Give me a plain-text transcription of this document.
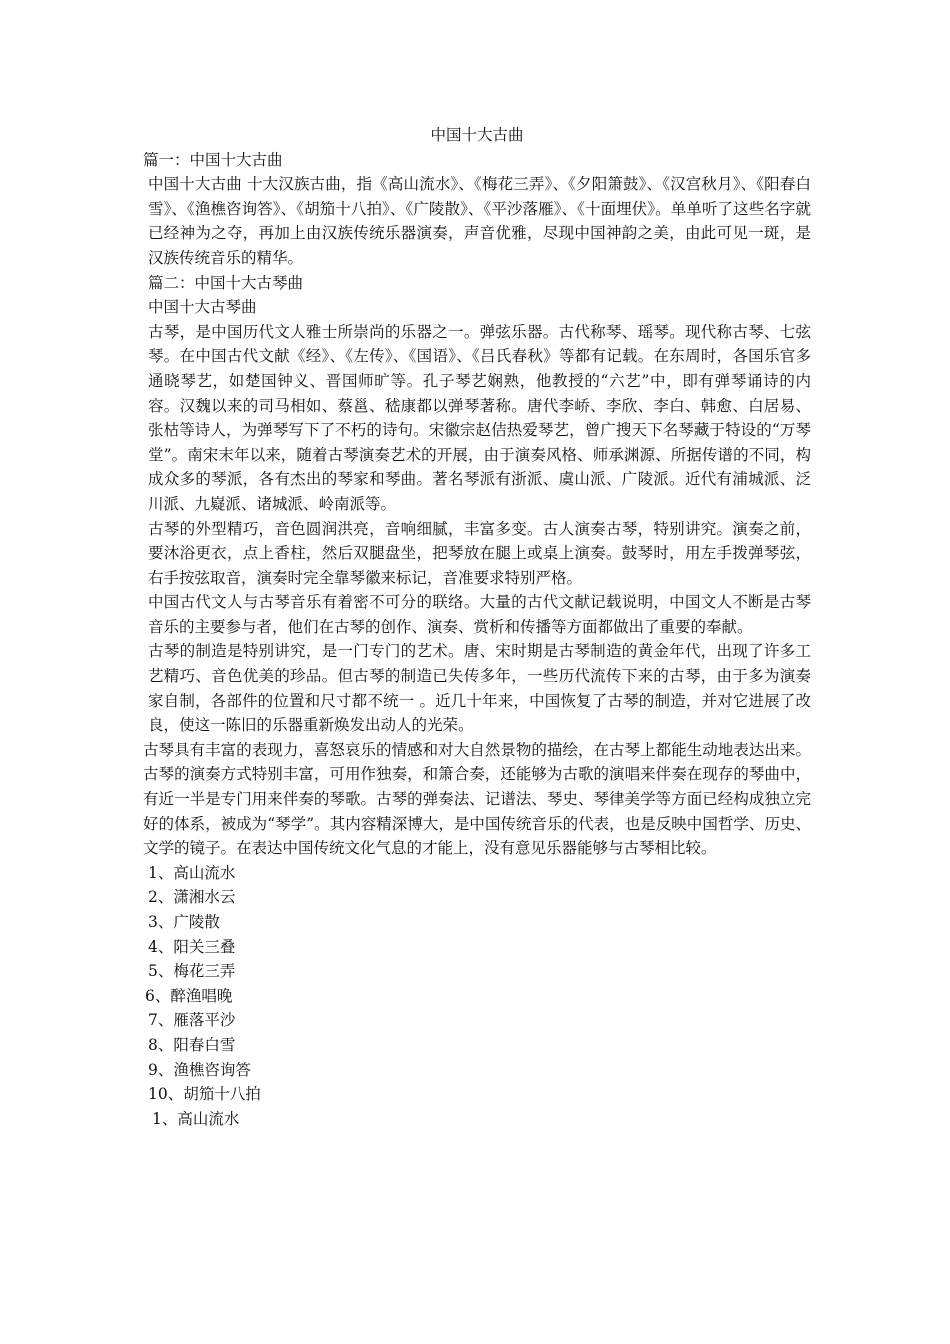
中国十大古曲

篇一：中国十大古曲

中国十大古曲 十大汉族古曲，指《高山流水》、《梅花三弄》、《夕阳箫鼓》、《汉宫秋月》、《阳春白雪》、《渔樵咨询答》、《胡笳十八拍》、《广陵散》、《平沙落雁》、《十面埋伏》。单单听了这些名字就已经神为之夺，再加上由汉族传统乐器演奏，声音优雅，尽现中国神韵之美，由此可见一斑，是汉族传统音乐的精华。

篇二：中国十大古琴曲

中国十大古琴曲

古琴，是中国历代文人雅士所崇尚的乐器之一。弹弦乐器。古代称琴、瑶琴。现代称古琴、七弦琴。在中国古代文献《经》、《左传》、《国语》、《吕氏春秋》等都有记载。在东周时，各国乐官多通晓琴艺，如楚国钟义、晋国师旷等。孔子琴艺娴熟，他教授的“六艺”中，即有弹琴诵诗的内容。汉魏以来的司马相如、蔡邕、嵇康都以弹琴著称。唐代李峤、李欣、李白、韩愈、白居易、张枯等诗人，为弹琴写下了不朽的诗句。宋徽宗赵佶热爱琴艺，曾广搜天下名琴藏于特设的“万琴堂”。南宋末年以来，随着古琴演奏艺术的开展，由于演奏风格、师承渊源、所据传谱的不同，构成众多的琴派，各有杰出的琴家和琴曲。著名琴派有浙派、虞山派、广陵派。近代有浦城派、泛川派、九嶷派、诸城派、岭南派等。

古琴的外型精巧，音色圆润洪亮，音响细腻，丰富多变。古人演奏古琴，特别讲究。演奏之前，要沐浴更衣，点上香柱，然后双腿盘坐，把琴放在腿上或桌上演奏。鼓琴时，用左手拨弹琴弦，右手按弦取音，演奏时完全靠琴徽来标记，音准要求特别严格。

中国古代文人与古琴音乐有着密不可分的联络。大量的古代文献记载说明，中国文人不断是古琴音乐的主要参与者，他们在古琴的创作、演奏、赏析和传播等方面都做出了重要的奉献。

古琴的制造是特别讲究，是一门专门的艺术。唐、宋时期是古琴制造的黄金年代，出现了许多工艺精巧、音色优美的珍品。但古琴的制造已失传多年，一些历代流传下来的古琴，由于多为演奏家自制，各部件的位置和尺寸都不统一 。近几十年来，中国恢复了古琴的制造，并对它进展了改良，使这一陈旧的乐器重新焕发出动人的光荣。

古琴具有丰富的表现力，喜怒哀乐的情感和对大自然景物的描绘，在古琴上都能生动地表达出来。古琴的演奏方式特别丰富，可用作独奏，和箫合奏，还能够为古歌的演唱来伴奏在现存的琴曲中，有近一半是专门用来伴奏的琴歌。古琴的弹奏法、记谱法、琴史、琴律美学等方面已经构成独立完好的体系，被成为“琴学”。其内容精深博大，是中国传统音乐的代表，也是反映中国哲学、历史、文学的镜子。在表达中国传统文化气息的才能上，没有意见乐器能够与古琴相比较。

1、高山流水
2、潇湘水云
3、广陵散
4、阳关三叠
5、梅花三弄
6、醉渔唱晚
7、雁落平沙
8、阳春白雪
9、渔樵咨询答
10、胡笳十八拍
1、高山流水
